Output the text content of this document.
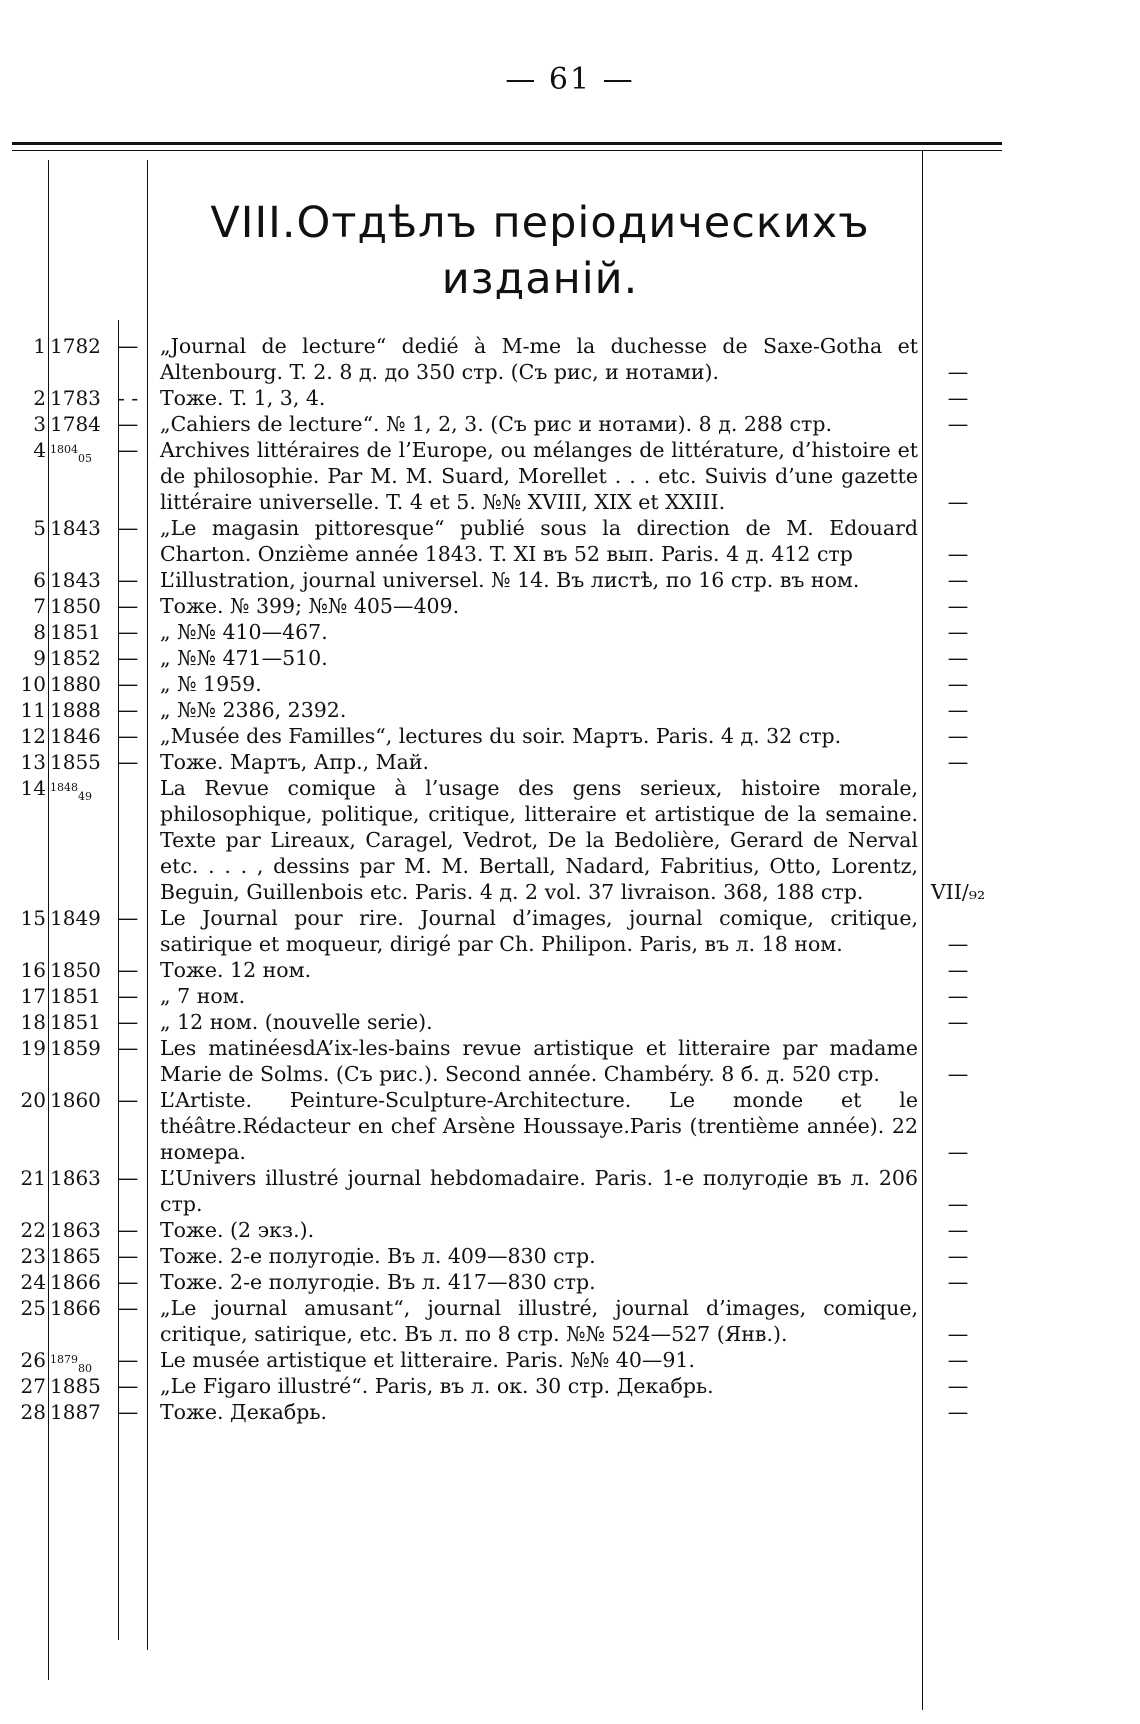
— 61 —
VIII.Отдѣлъ періодическихъ
изданій.
1 1782 — „Journal de lecture“ dedié à M-me la duchesse de Saxe-Gotha et Altenbourg. T. 2. 8 д. до 350 стр. (Съ рис, и нотами).	—
2 1783 - - Тоже. T. 1, 3, 4.	—
3 1784 — „Cahiers de lecture“. № 1, 2, 3. (Съ рис и нотами). 8 д. 288 стр.	—
4 $^{1804}_{05}$	— Archives littéraires de l’Europe, ou mélanges de littérature, d’histoire et de philosophie. Par M. M. Suard, Morellet . . . etc. Suivis d’une gazette littéraire universelle. T. 4 et 5. №№ XVIII, XIX et XXIII.	—
5 1843 — „Le magasin pittoresque“ publié sous la direction de M. Edouard Charton. Onzième année 1843. T. XI въ 52 вып. Paris. 4 д. 412 стр	—
6 1843 — L’illustration, journal universel. № 14. Въ листѣ, по 16 стр. въ ном.	—
7 1850 — Тоже. № 399; №№ 405—409.	—
8 1851 — „ №№ 410—467.	—
9 1852 — „ №№ 471—510.	—
10 1880 — „ № 1959.	—
11 1888 — „ №№ 2386, 2392.	—
12 1846 — „Musée des Familles“, lectures du soir. Мартъ. Paris. 4 д. 32 стр.	—
13 1855 — Тоже. Мартъ, Апр., Май.	—
14 $^{1848}_{49}$	La Revue comique à l’usage des gens serieux, histoire morale, philosophique, politique, critique, litteraire et artistique de la semaine. Texte par Lireaux, Caragel, Vedrot, De la Bedolière, Gerard de Nerval etc. . . . , dessins par M. M. Bertall, Nadard, Fabritius, Otto, Lorentz, Beguin, Guillenbois etc. Paris. 4 д. 2 vol. 37 livraison. 368, 188 стр.	VII/₉₂
15 1849 — Le Journal pour rire. Journal d’images, journal comique, critique, satirique et moqueur, dirigé par Ch. Philipon. Paris, въ л. 18 ном.	—
16 1850 — Тоже. 12 ном.	—
17 1851 — „ 7 ном.	—
18 1851 — „ 12 ном. (nouvelle serie).	—
19 1859 — Les matinéesdA’ix-les-bains revue artistique et litteraire par madame Marie de Solms. (Съ рис.). Second année. Chambéry. 8 б. д. 520 стр.	—
20 1860 — L’Artiste. Peinture-Sculpture-Architecture. Le monde et le théâtre.Rédacteur en chef Arsène Houssaye.Paris (trentième année). 22 номера.	—
21 1863 — L’Univers illustré journal hebdomadaire. Paris. 1-е полугодіе въ л. 206 стр.	—
22 1863 — Тоже. (2 экз.).	—
23 1865 — Тоже. 2-е полугодіе. Въ л. 409—830 стр.	—
24 1866 — Тоже. 2-е полугодіе. Въ л. 417—830 стр.	—
25 1866 — „Le journal amusant“, journal illustré, journal d’images, comique, critique, satirique, etc. Въ л. по 8 стр. №№ 524—527 (Янв.).	—
26 $^{1879}_{80}$	— Le musée artistique et litteraire. Paris. №№ 40—91.	—
27 1885 — „Le Figaro illustré“. Paris, въ л. ок. 30 стр. Декабрь.	—
28 1887 — Тоже. Декабрь.	—
